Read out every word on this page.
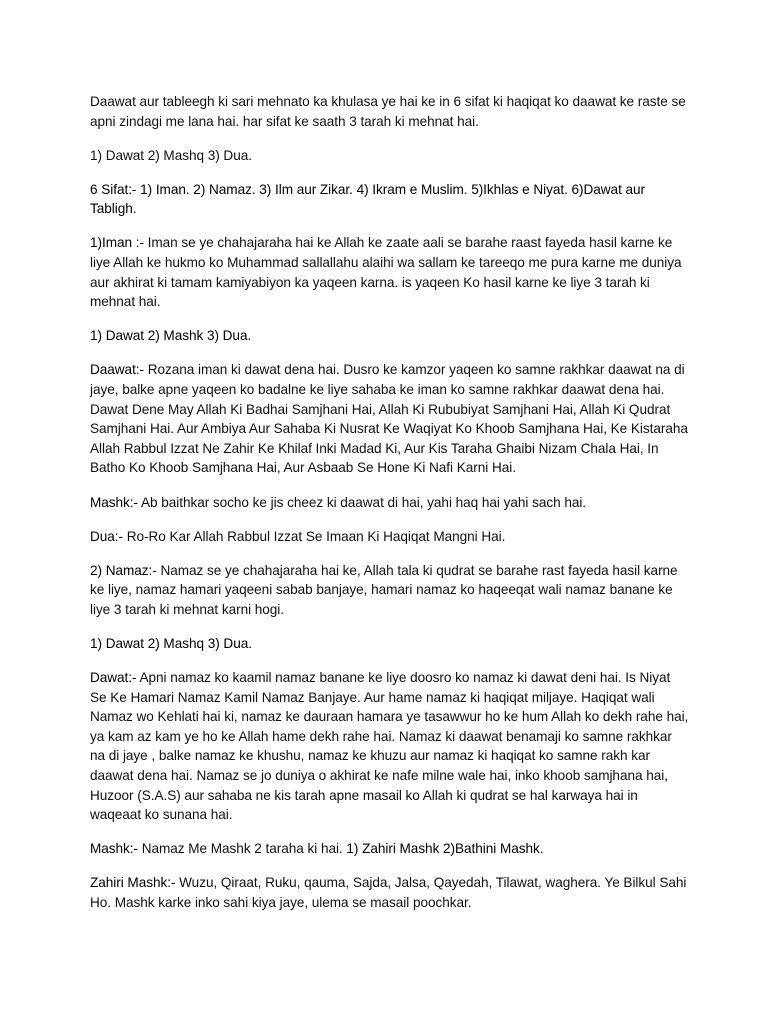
Daawat aur tableegh ki sari mehnato ka khulasa ye hai ke in 6 sifat ki haqiqat ko daawat ke raste se apni zindagi me lana hai. har sifat ke saath 3 tarah ki mehnat hai.

1) Dawat 2) Mashq 3) Dua.

6 Sifat:- 1) Iman. 2) Namaz. 3) Ilm aur Zikar. 4) Ikram e Muslim. 5)Ikhlas e Niyat. 6)Dawat aur Tabligh.

1)Iman :- Iman se ye chahajaraha hai ke Allah ke zaate aali se barahe raast fayeda hasil karne ke liye Allah ke hukmo ko Muhammad sallallahu alaihi wa sallam ke tareeqo me pura karne me duniya aur akhirat ki tamam kamiyabiyon ka yaqeen karna. is yaqeen Ko hasil karne ke liye 3 tarah ki mehnat hai.

1) Dawat 2) Mashk 3) Dua.

Daawat:- Rozana iman ki dawat dena hai. Dusro ke kamzor yaqeen ko samne rakhkar daawat na di jaye, balke apne yaqeen ko badalne ke liye sahaba ke iman ko samne rakhkar daawat dena hai. Dawat Dene May Allah Ki Badhai Samjhani Hai, Allah Ki Rububiyat Samjhani Hai, Allah Ki Qudrat Samjhani Hai. Aur Ambiya Aur Sahaba Ki Nusrat Ke Waqiyat Ko Khoob Samjhana Hai, Ke Kistaraha Allah Rabbul Izzat Ne Zahir Ke Khilaf Inki Madad Ki, Aur Kis Taraha Ghaibi Nizam Chala Hai, In Batho Ko Khoob Samjhana Hai, Aur Asbaab Se Hone Ki Nafi Karni Hai.

Mashk:- Ab baithkar socho ke jis cheez ki daawat di hai, yahi haq hai yahi sach hai.

Dua:- Ro-Ro Kar Allah Rabbul Izzat Se Imaan Ki Haqiqat Mangni Hai.

2) Namaz:- Namaz se ye chahajaraha hai ke, Allah tala ki qudrat se barahe rast fayeda hasil karne ke liye, namaz hamari yaqeeni sabab banjaye, hamari namaz ko haqeeqat wali namaz banane ke liye 3 tarah ki mehnat karni hogi.

1) Dawat 2) Mashq 3) Dua.

Dawat:- Apni namaz ko kaamil namaz banane ke liye doosro ko namaz ki dawat deni hai. Is Niyat Se Ke Hamari Namaz Kamil Namaz Banjaye. Aur hame namaz ki haqiqat miljaye. Haqiqat wali Namaz wo Kehlati hai ki, namaz ke dauraan hamara ye tasawwur ho ke hum Allah ko dekh rahe hai, ya kam az kam ye ho ke Allah hame dekh rahe hai. Namaz ki daawat benamaji ko samne rakhkar na di jaye , balke namaz ke khushu, namaz ke khuzu aur namaz ki haqiqat ko samne rakh kar daawat dena hai. Namaz se jo duniya o akhirat ke nafe milne wale hai, inko khoob samjhana hai, Huzoor (S.A.S) aur sahaba ne kis tarah apne masail ko Allah ki qudrat se hal karwaya hai in waqeaat ko sunana hai.

Mashk:- Namaz Me Mashk 2 taraha ki hai. 1) Zahiri Mashk 2)Bathini Mashk.

Zahiri Mashk:- Wuzu, Qiraat, Ruku, qauma, Sajda, Jalsa, Qayedah, Tilawat, waghera. Ye Bilkul Sahi Ho. Mashk karke inko sahi kiya jaye, ulema se masail poochkar.
